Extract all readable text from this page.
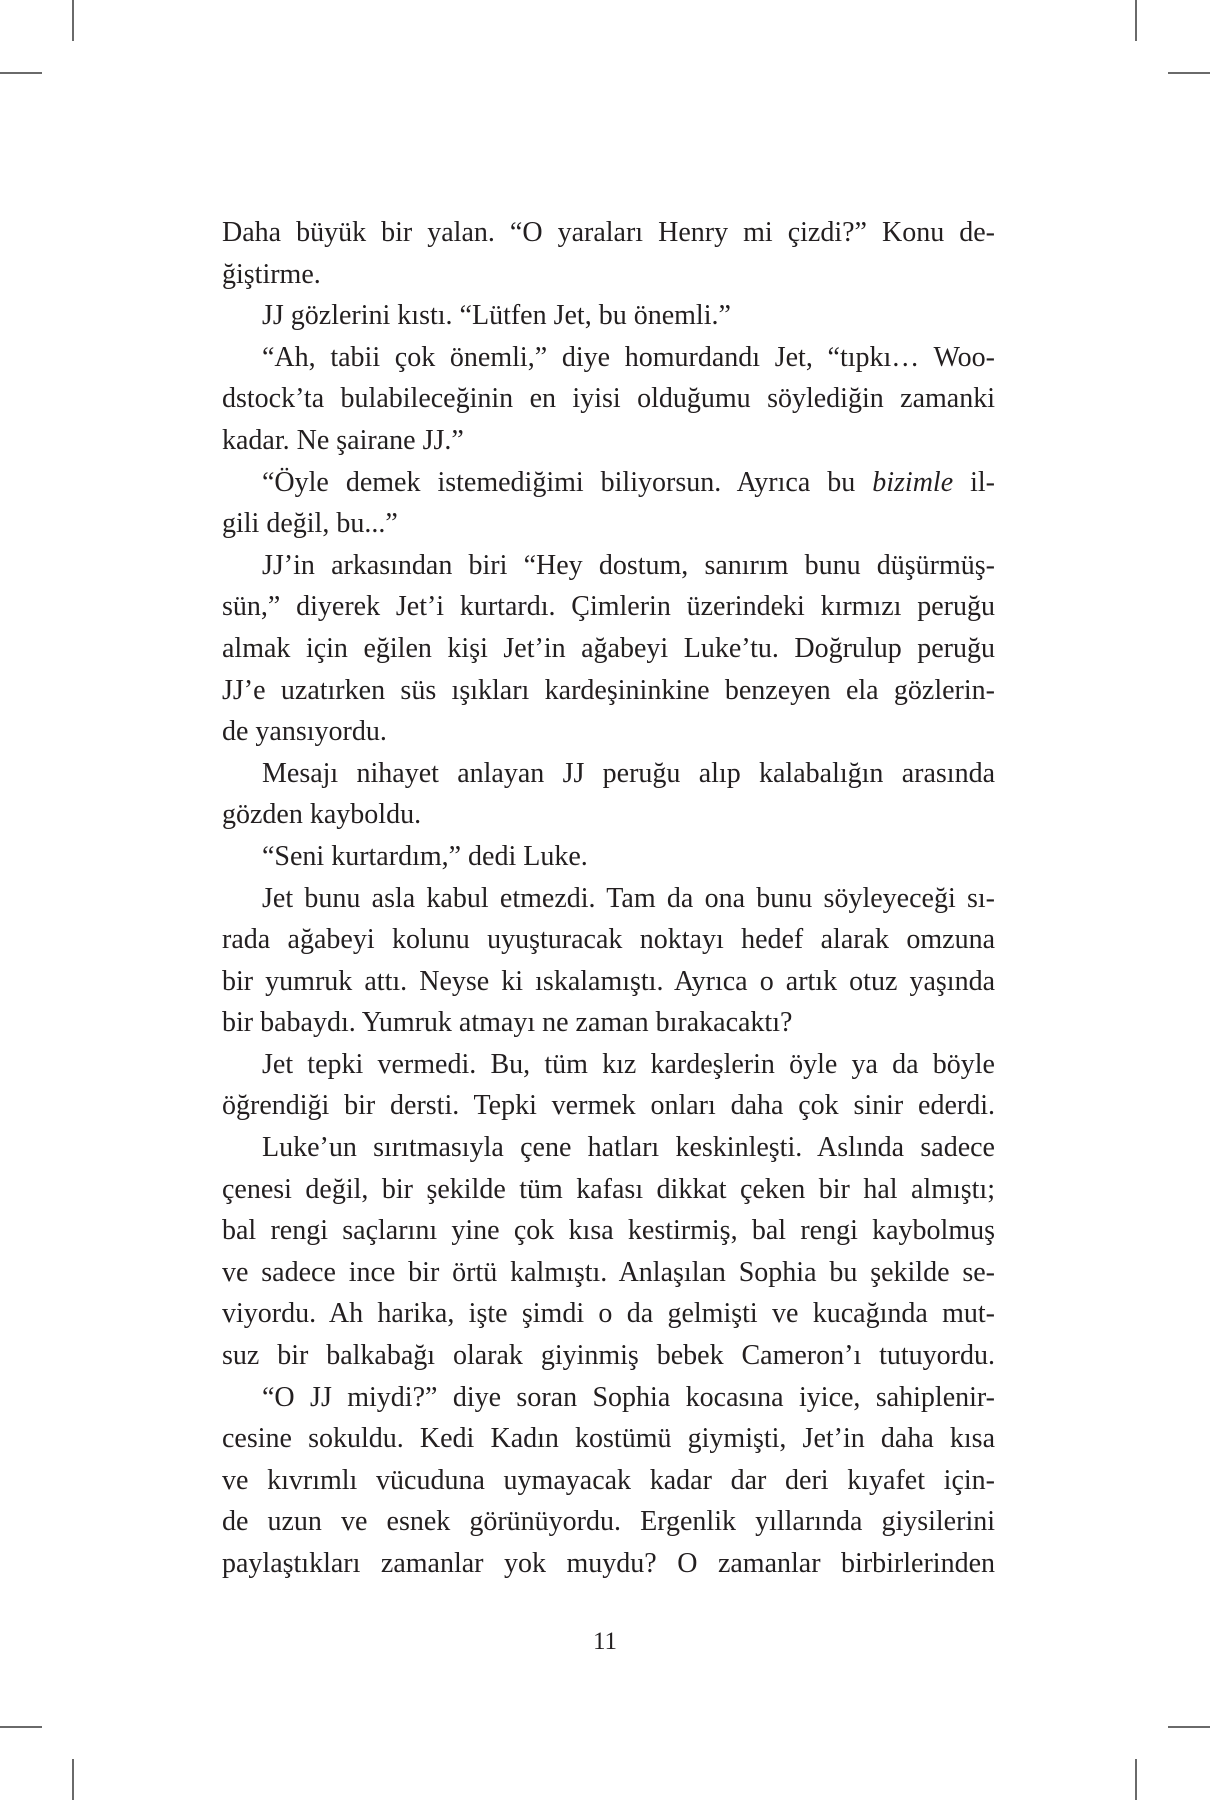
Daha büyük bir yalan. “O yaraları Henry mi çizdi?” Konu de-
ğiştirme.
JJ gözlerini kıstı. “Lütfen Jet, bu önemli.”
“Ah, tabii çok önemli,” diye homurdandı Jet, “tıpkı… Woo-
dstock’ta bulabileceğinin en iyisi olduğumu söylediğin zamanki
kadar. Ne şairane JJ.”
“Öyle demek istemediğimi biliyorsun. Ayrıca bu bizimle il-
gili değil, bu...”
JJ’in arkasından biri “Hey dostum, sanırım bunu düşürmüş-
sün,” diyerek Jet’i kurtardı. Çimlerin üzerindeki kırmızı peruğu
almak için eğilen kişi Jet’in ağabeyi Luke’tu. Doğrulup peruğu
JJ’e uzatırken süs ışıkları kardeşininkine benzeyen ela gözlerin-
de yansıyordu.
Mesajı nihayet anlayan JJ peruğu alıp kalabalığın arasında
gözden kayboldu.
“Seni kurtardım,” dedi Luke.
Jet bunu asla kabul etmezdi. Tam da ona bunu söyleyeceği sı-
rada ağabeyi kolunu uyuşturacak noktayı hedef alarak omzuna
bir yumruk attı. Neyse ki ıskalamıştı. Ayrıca o artık otuz yaşında
bir babaydı. Yumruk atmayı ne zaman bırakacaktı?
Jet tepki vermedi. Bu, tüm kız kardeşlerin öyle ya da böyle
öğrendiği bir dersti. Tepki vermek onları daha çok sinir ederdi.
Luke’un sırıtmasıyla çene hatları keskinleşti. Aslında sadece
çenesi değil, bir şekilde tüm kafası dikkat çeken bir hal almıştı;
bal rengi saçlarını yine çok kısa kestirmiş, bal rengi kaybolmuş
ve sadece ince bir örtü kalmıştı. Anlaşılan Sophia bu şekilde se-
viyordu. Ah harika, işte şimdi o da gelmişti ve kucağında mut-
suz bir balkabağı olarak giyinmiş bebek Cameron’ı tutuyordu.
“O JJ miydi?” diye soran Sophia kocasına iyice, sahiplenir-
cesine sokuldu. Kedi Kadın kostümü giymişti, Jet’in daha kısa
ve kıvrımlı vücuduna uymayacak kadar dar deri kıyafet için-
de uzun ve esnek görünüyordu. Ergenlik yıllarında giysilerini
paylaştıkları zamanlar yok muydu? O zamanlar birbirlerinden
11
